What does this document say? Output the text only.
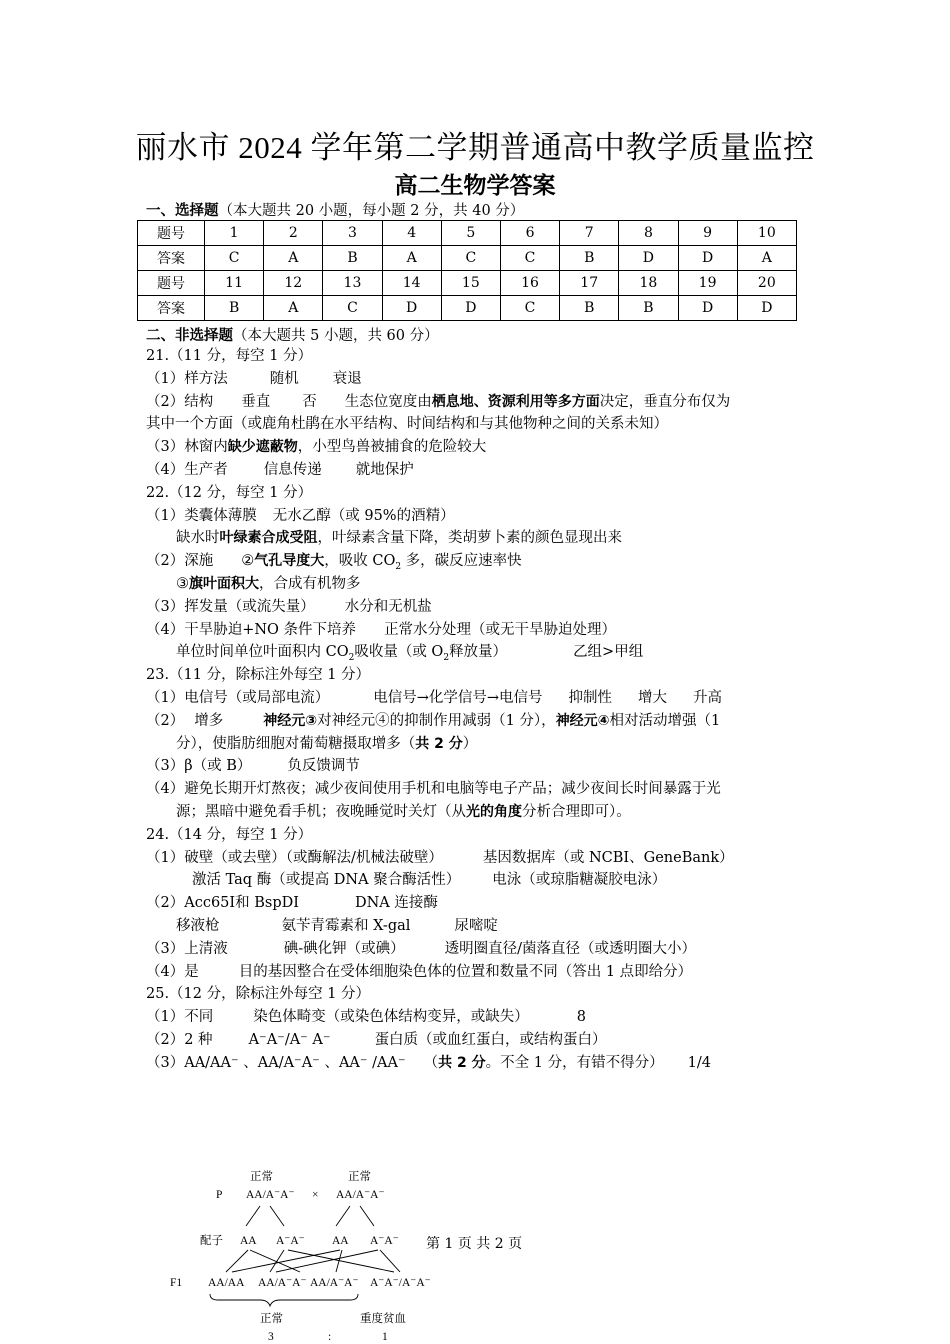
丽水市 2024 学年第二学期普通高中教学质量监控
高二生物学答案
一、选择题（本大题共 20 小题，每小题 2 分，共 40 分）
题号	1	2	3	4	5	6	7	8	9	10
答案	C	A	B	A	C	C	B	D	D	A
题号	11	12	13	14	15	16	17	18	19	20
答案	B	A	C	D	D	C	B	B	D	D
二、非选择题（本大题共 5 小题，共 60 分）
21.（11 分，每空 1 分）
（1）样方法	随机 衰退
（2）结构 垂直 否 生态位宽度由栖息地、资源利用等多方面决定，垂直分布仅为
其中一个方面（或鹿角杜鹃在水平结构、时间结构和与其他物种之间的关系未知）
（3）林窗内缺少遮蔽物，小型鸟兽被捕食的危险较大
（4）生产者 信息传递 就地保护
22.（12 分，每空 1 分）
（1）类囊体薄膜 无水乙醇（或 95%的酒精）
缺水时叶绿素合成受阻，叶绿素含量下降，类胡萝卜素的颜色显现出来
（2）深施 ②气孔导度大，吸收 $CO_2$ 多，碳反应速率快
③旗叶面积大，合成有机物多
（3）挥发量（或流失量） 水分和无机盐
（4）干旱胁迫+NO 条件下培养 正常水分处理（或无干旱胁迫处理）
单位时间单位叶面积内 $CO_2$吸收量（或 $O_2$释放量）	乙组>甲组
23.（11 分，除标注外每空 1 分）
（1）电信号（或局部电流）	电信号→化学信号→电信号 抑制性 增大 升高
（2） 增多	神经元③对神经元④的抑制作用减弱（1 分），神经元④相对活动增强（1
分），使脂肪细胞对葡萄糖摄取增多（共 2 分）
（3）β（或 B） 负反馈调节
（4）避免长期开灯熬夜；减少夜间使用手机和电脑等电子产品；减少夜间长时间暴露于光
源；黑暗中避免看手机；夜晚睡觉时关灯（从光的角度分析合理即可）。
24.（14 分，每空 1 分）
（1）破壁（或去壁）（或酶解法/机械法破壁）	基因数据库（或 NCBI、GeneBank）
激活 Taq 酶（或提高 DNA 聚合酶活性） 电泳（或琼脂糖凝胶电泳）
（2）Acc65Ⅰ和 BspDⅠ	DNA 连接酶
移液枪	氨苄青霉素和 X-gal	尿嘧啶
（3）上清液	碘-碘化钾（或碘）	透明圈直径/菌落直径（或透明圈大小）
（4）是	目的基因整合在受体细胞染色体的位置和数量不同（答出 1 点即给分）
25.（12 分，除标注外每空 1 分）
（1）不同	染色体畸变（或染色体结构变异，或缺失）	8
（2）2 种 A⁻A⁻/A⁻ A⁻	蛋白质（或血红蛋白，或结构蛋白）
（3）AA/AA⁻ 、AA/A⁻A⁻ 、AA⁻ /AA⁻ （共 2 分。不全 1 分，有错不得分） 1/4
正常	正常
P AA/A⁻A⁻ × AA/A⁻A⁻
配子 AA A⁻A⁻ AA A⁻A⁻
F1 AA/AA AA/A⁻A⁻ AA/A⁻A⁻ A⁻A⁻/A⁻A⁻
正常	重度贫血
3	:	1
第 1 页 共 2 页
